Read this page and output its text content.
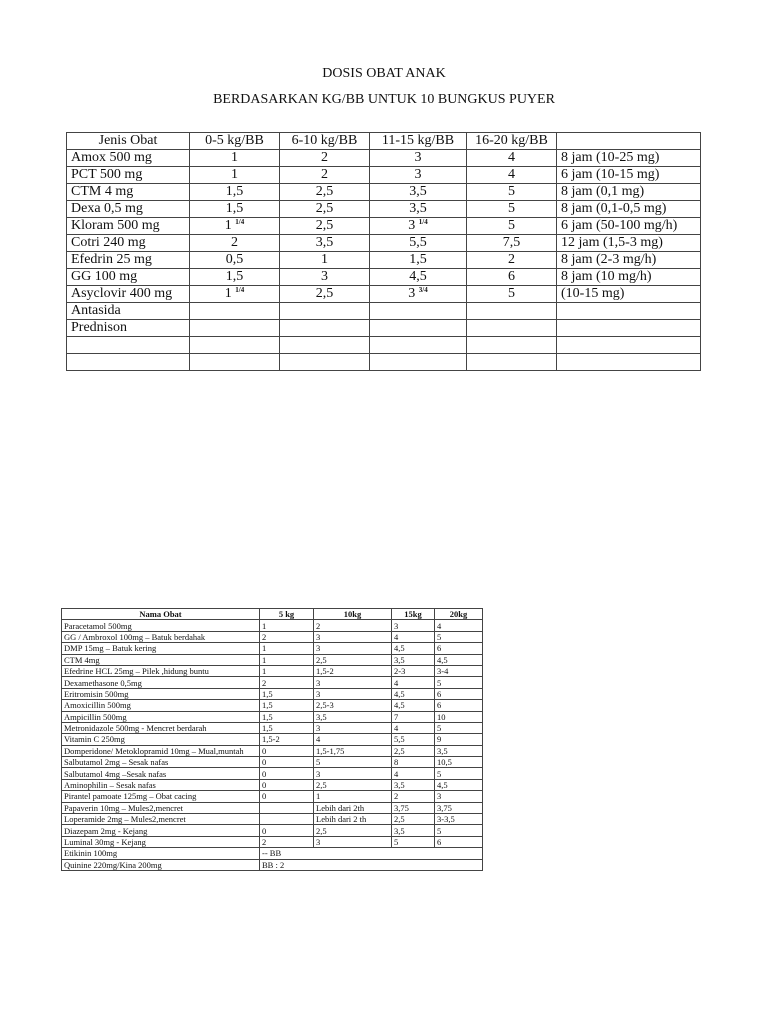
DOSIS OBAT ANAK
BERDASARKAN KG/BB UNTUK 10 BUNGKUS PUYER
Jenis Obat	0-5 kg/BB	6-10 kg/BB	11-15 kg/BB	16-20 kg/BB	
Amox 500 mg	1	2	3	4	8 jam (10-25 mg)
PCT 500 mg	1	2	3	4	6 jam (10-15 mg)
CTM 4 mg	1,5	2,5	3,5	5	8 jam (0,1 mg)
Dexa 0,5 mg	1,5	2,5	3,5	5	8 jam (0,1-0,5 mg)
Kloram 500 mg	1 $^{1/4}$	2,5	3 $^{1/4}$	5	6 jam (50-100 mg/h)
Cotri 240 mg	2	3,5	5,5	7,5	12 jam (1,5-3 mg)
Efedrin 25 mg	0,5	1	1,5	2	8 jam (2-3 mg/h)
GG 100 mg	1,5	3	4,5	6	8 jam (10 mg/h)
Asyclovir 400 mg	1 $^{1/4}$	2,5	3 $^{3/4}$	5	(10-15 mg)
Antasida					
Prednison					

Nama Obat	5 kg	10kg	15kg	20kg
Paracetamol 500mg	1	2	3	4
GG / Ambroxol 100mg – Batuk berdahak	2	3	4	5
DMP 15mg – Batuk kering	1	3	4,5	6
CTM 4mg	1	2,5	3,5	4,5
Efedrine HCL 25mg – Pilek ,hidung buntu	1	1,5-2	2-3	3-4
Dexamethasone 0,5mg	2	3	4	5
Eritromisin 500mg	1,5	3	4,5	6
Amoxicillin 500mg	1,5	2,5-3	4,5	6
Ampicillin 500mg	1,5	3,5	7	10
Metronidazole 500mg - Mencret berdarah	1,5	3	4	5
Vitamin C 250mg	1,5-2	4	5,5	9
Domperidone/ Metoklopramid 10mg – Mual,muntah	0	1,5-1,75	2,5	3,5
Salbutamol 2mg – Sesak nafas	0	5	8	10,5
Salbutamol 4mg –Sesak nafas	0	3	4	5
Aminophilin – Sesak nafas	0	2,5	3,5	4,5
Pirantel pamoate 125mg – Obat cacing	0	1	2	3
Papaverin 10mg – Mules2,mencret		Lebih dari 2th	3,75	3,75
Loperamide 2mg – Mules2,mencret		Lebih dari 2 th	2,5	3-3,5
Diazepam 2mg - Kejang	0	2,5	3,5	5
Luminal 30mg - Kejang	2	3	5	6
Etikinin 100mg	-- BB			
Quinine 220mg/Kina 200mg	BB : 2			
